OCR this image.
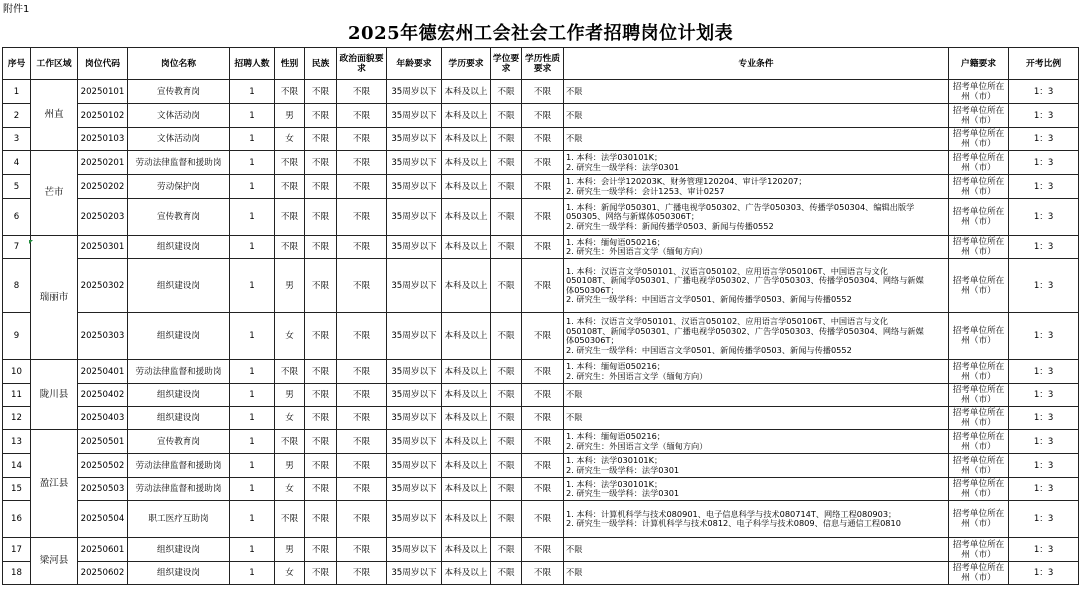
附件1
2025年德宏州工会社会工作者招聘岗位计划表														
序号	工作区域	岗位代码	岗位名称	招聘人数	性别	民族	政治面貌要求	年龄要求	学历要求	学位要求	学历性质要求	专业条件	户籍要求	开考比例
1	州直	20250101	宣传教育岗	1	不限	不限	不限	35周岁以下	本科及以上	不限	不限	不限	招考单位所在州（市）	1：3
2		20250102	文体活动岗	1	男	不限	不限	35周岁以下	本科及以上	不限	不限	不限	招考单位所在州（市）	1：3
3		20250103	文体活动岗	1	女	不限	不限	35周岁以下	本科及以上	不限	不限	不限	招考单位所在州（市）	1：3
4	芒市	20250201	劳动法律监督和援助岗	1	不限	不限	不限	35周岁以下	本科及以上	不限	不限	1. 本科：法学030101K；
2. 研究生一级学科：法学0301	招考单位所在州（市）	1：3
5		20250202	劳动保护岗	1	不限	不限	不限	35周岁以下	本科及以上	不限	不限	1. 本科：会计学120203K、财务管理120204、审计学120207；
2. 研究生一级学科：会计1253、审计0257	招考单位所在州（市）	1：3
6		20250203	宣传教育岗	1	不限	不限	不限	35周岁以下	本科及以上	不限	不限	1. 本科：新闻学050301、广播电视学050302、广告学050303、传播学050304、编辑出版学
050305、网络与新媒体050306T；
2. 研究生一级学科：新闻传播学0503、新闻与传播0552	招考单位所在州（市）	1：3
7	瑞丽市	20250301	组织建设岗	1	不限	不限	不限	35周岁以下	本科及以上	不限	不限	1. 本科：缅甸语050216；
2. 研究生：外国语言文学（缅甸方向）	招考单位所在州（市）	1：3
8		20250302	组织建设岗	1	男	不限	不限	35周岁以下	本科及以上	不限	不限	1. 本科：汉语言文学050101、汉语言050102、应用语言学050106T、中国语言与文化
050108T、新闻学050301、广播电视学050302、广告学050303、传播学050304、网络与新媒
体050306T；
2. 研究生一级学科：中国语言文学0501、新闻传播学0503、新闻与传播0552	招考单位所在州（市）	1：3
9		20250303	组织建设岗	1	女	不限	不限	35周岁以下	本科及以上	不限	不限	1. 本科：汉语言文学050101、汉语言050102、应用语言学050106T、中国语言与文化
050108T、新闻学050301、广播电视学050302、广告学050303、传播学050304、网络与新媒
体050306T；
2. 研究生一级学科：中国语言文学0501、新闻传播学0503、新闻与传播0552	招考单位所在州（市）	1：3
10	陇川县	20250401	劳动法律监督和援助岗	1	不限	不限	不限	35周岁以下	本科及以上	不限	不限	1. 本科：缅甸语050216；
2. 研究生：外国语言文学（缅甸方向）	招考单位所在州（市）	1：3
11		20250402	组织建设岗	1	男	不限	不限	35周岁以下	本科及以上	不限	不限	不限	招考单位所在州（市）	1：3
12		20250403	组织建设岗	1	女	不限	不限	35周岁以下	本科及以上	不限	不限	不限	招考单位所在州（市）	1：3
13	盈江县	20250501	宣传教育岗	1	不限	不限	不限	35周岁以下	本科及以上	不限	不限	1. 本科：缅甸语050216；
2. 研究生：外国语言文学（缅甸方向）	招考单位所在州（市）	1：3
14		20250502	劳动法律监督和援助岗	1	男	不限	不限	35周岁以下	本科及以上	不限	不限	1. 本科：法学030101K；
2. 研究生一级学科：法学0301	招考单位所在州（市）	1：3
15		20250503	劳动法律监督和援助岗	1	女	不限	不限	35周岁以下	本科及以上	不限	不限	1. 本科：法学030101K；
2. 研究生一级学科：法学0301	招考单位所在州（市）	1：3
16		20250504	职工医疗互助岗	1	不限	不限	不限	35周岁以下	本科及以上	不限	不限	1. 本科：计算机科学与技术080901、电子信息科学与技术080714T、网络工程080903；
2. 研究生一级学科：计算机科学与技术0812、电子科学与技术0809、信息与通信工程0810	招考单位所在州（市）	1：3
17	梁河县	20250601	组织建设岗	1	男	不限	不限	35周岁以下	本科及以上	不限	不限	不限	招考单位所在州（市）	1：3
18		20250602	组织建设岗	1	女	不限	不限	35周岁以下	本科及以上	不限	不限	不限	招考单位所在州（市）	1：3
